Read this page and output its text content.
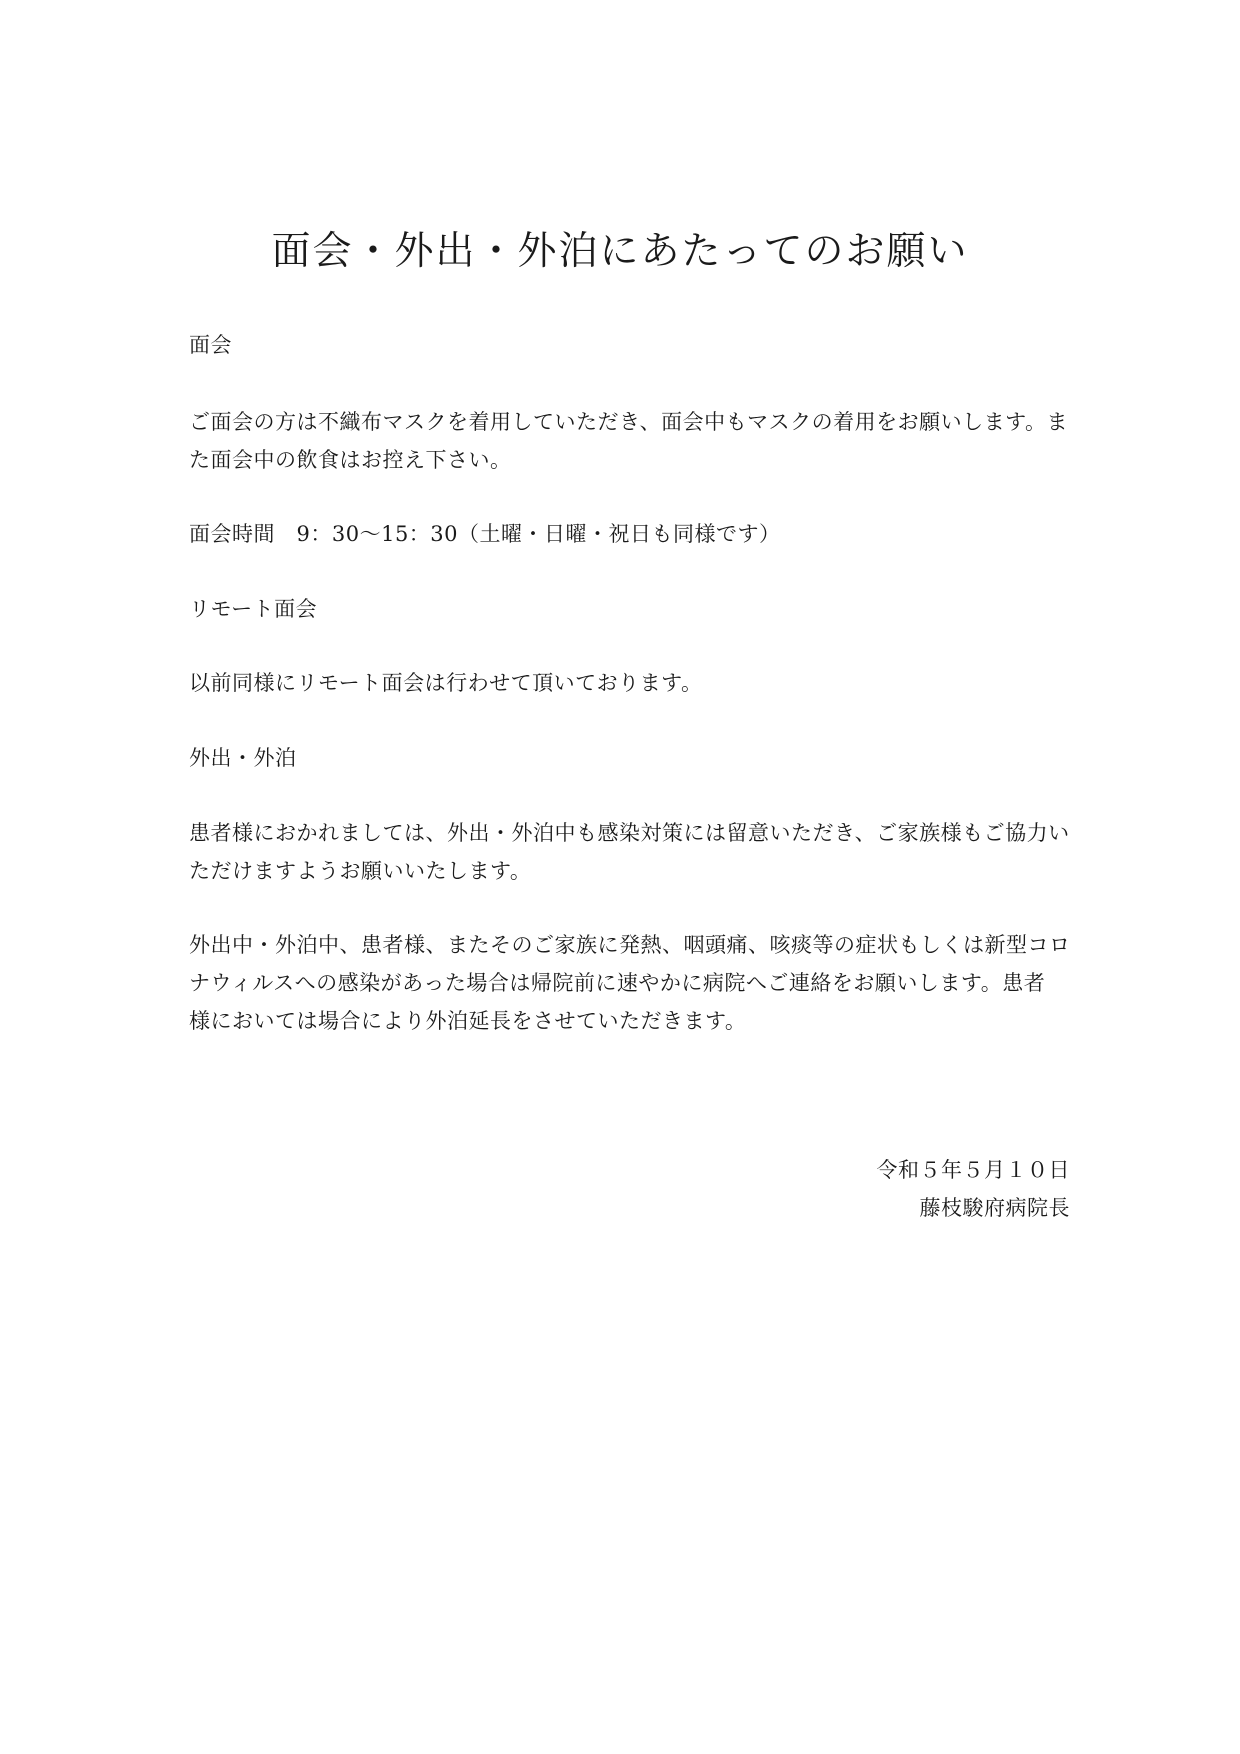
面会・外出・外泊にあたってのお願い
面会
ご面会の方は不織布マスクを着用していただき、面会中もマスクの着用をお願いします。ま
た面会中の飲食はお控え下さい。
面会時間　9：30〜15：30（土曜・日曜・祝日も同様です）
リモート面会
以前同様にリモート面会は行わせて頂いております。
外出・外泊
患者様におかれましては、外出・外泊中も感染対策には留意いただき、ご家族様もご協力い
ただけますようお願いいたします。
外出中・外泊中、患者様、またそのご家族に発熱、咽頭痛、咳痰等の症状もしくは新型コロ
ナウィルスへの感染があった場合は帰院前に速やかに病院へご連絡をお願いします。患者
様においては場合により外泊延長をさせていただきます。
令和５年５月１０日
藤枝駿府病院長
